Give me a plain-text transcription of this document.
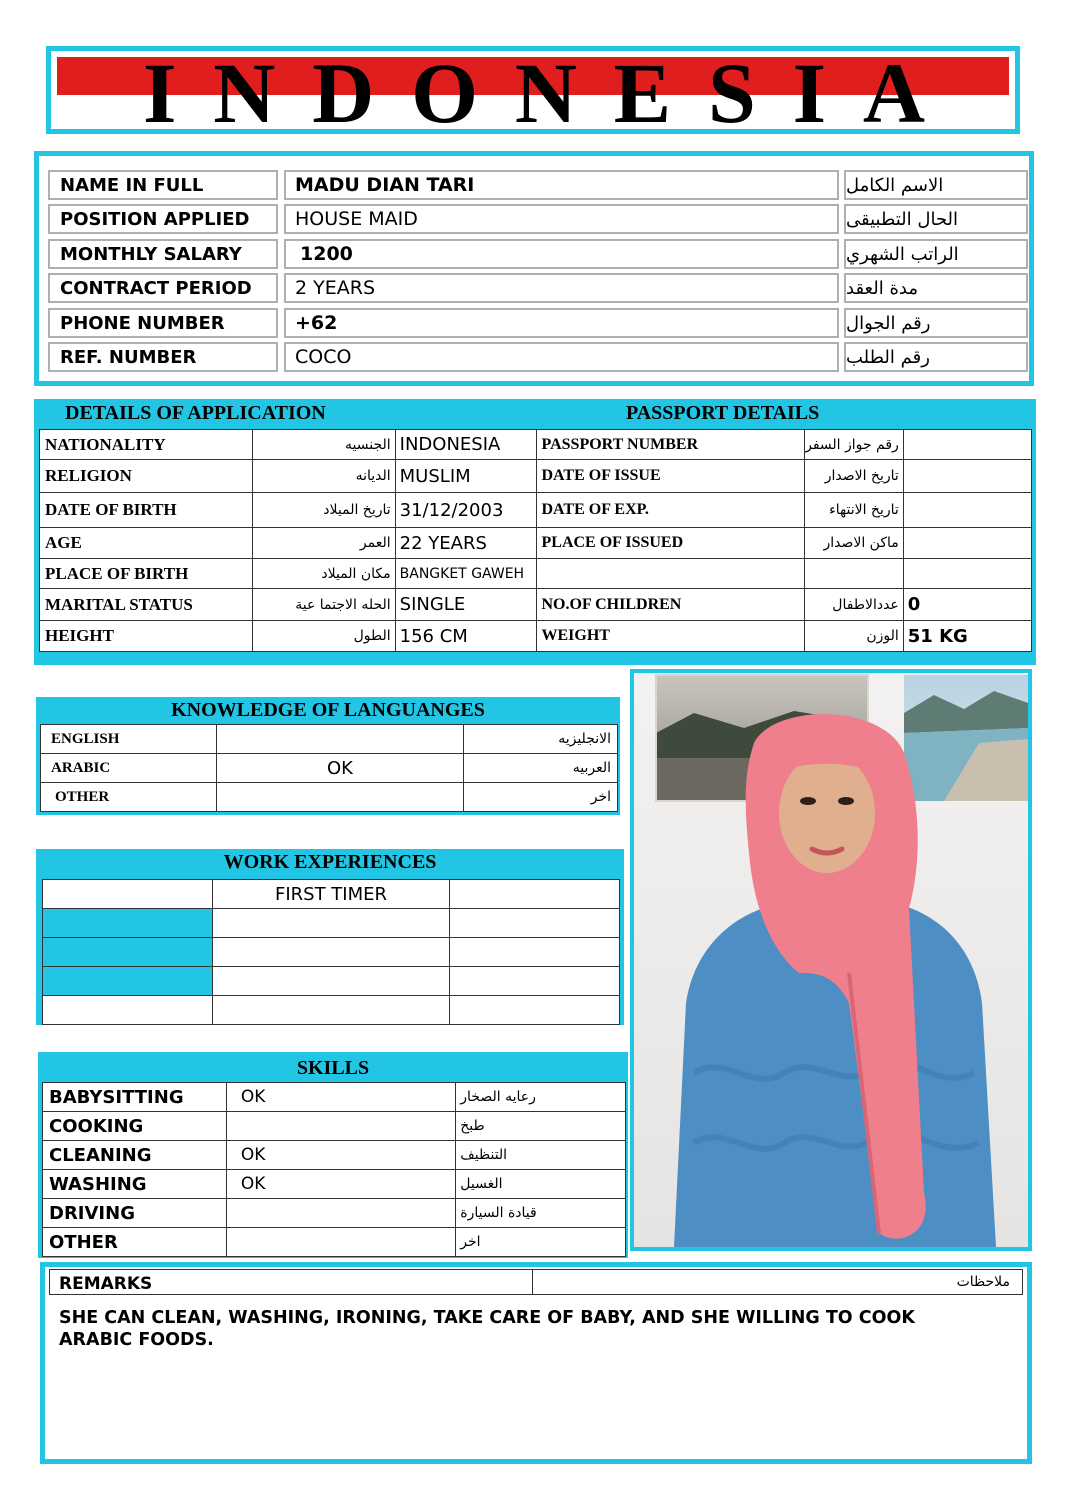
I N D O N E S I A
NAME IN FULL	MADU DIAN TARI	الاسم الكامل
POSITION APPLIED	HOUSE MAID	الحال التطبيقى
MONTHLY SALARY	1200	الراتب الشهري
CONTRACT PERIOD	2 YEARS	مدة العقد
PHONE NUMBER	+62	رقم الجوال
REF. NUMBER	COCO	رقم الطلب
DETAILS OF APPLICATION	PASSPORT DETAILS
NATIONALITY	الجنسيه	INDONESIA	PASSPORT NUMBER	رقم جواز السفر	
RELIGION	الديانه	MUSLIM	DATE OF ISSUE	تاريخ الاصدار	
DATE OF BIRTH	تاريخ الميلاد	31/12/2003	DATE OF EXP.	تاريخ الانتهاء	
AGE	العمر	22 YEARS	PLACE OF ISSUED	ماكن الاصدار	
PLACE OF BIRTH	مكان الميلاد	BANGKET GAWEH			
MARITAL STATUS	الحله الاجتما عية	SINGLE	NO.OF CHILDREN	عددالاطفال	0
HEIGHT	الطول	156 CM	WEIGHT	الوزن	51 KG
KNOWLEDGE OF LANGUANGES
ENGLISH		الانجليزيه
ARABIC	OK	العربيه
OTHER		اخر
WORK EXPERIENCES
	FIRST TIMER	

SKILLS
BABYSITTING	OK	رعايه الصخار
COOKING		طبخ
CLEANING	OK	التنظيف
WASHING	OK	الغسيل
DRIVING		قيادة السيارة
OTHER		اخر
REMARKS	ملاحظات
SHE CAN CLEAN, WASHING, IRONING, TAKE CARE OF BABY, AND SHE WILLING TO COOK ARABIC FOODS.
